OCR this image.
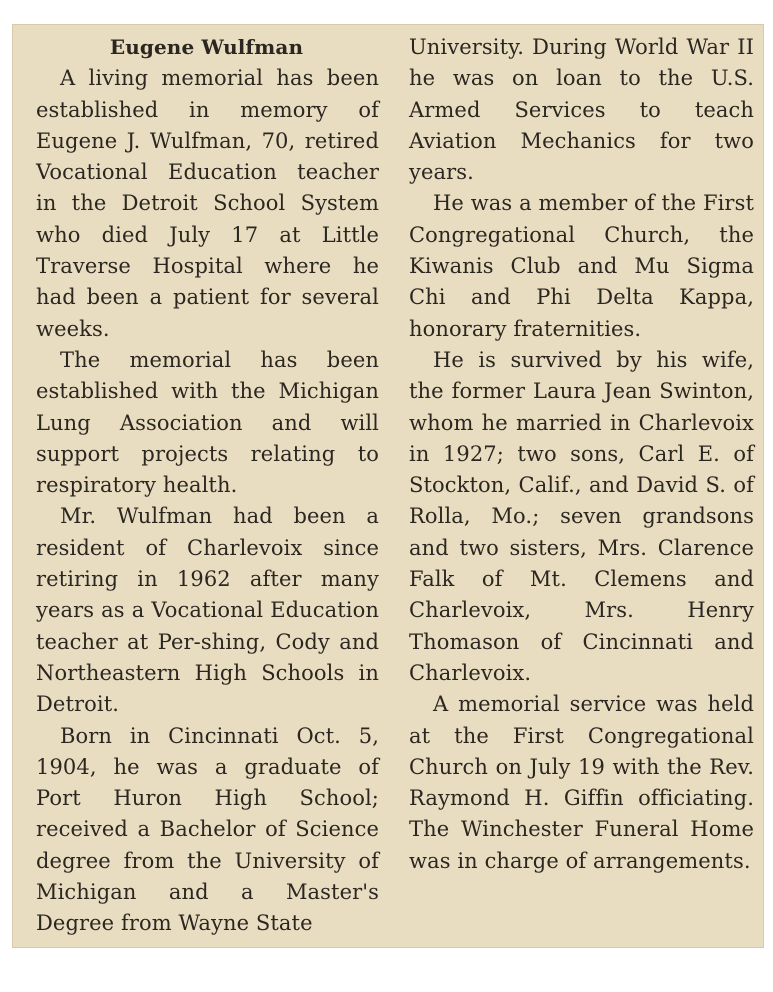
Eugene Wulfman

A living memorial has been established in memory of Eugene J. Wulfman, 70, retired Vocational Education teacher in the Detroit School System who died July 17 at Little Traverse Hospital where he had been a patient for several weeks.

The memorial has been established with the Michigan Lung Association and will support projects relating to respiratory health.

Mr. Wulfman had been a resident of Charlevoix since retiring in 1962 after many years as a Vocational Education teacher at Per-shing, Cody and Northeastern High Schools in Detroit.

Born in Cincinnati Oct. 5, 1904, he was a graduate of Port Huron High School; received a Bachelor of Science degree from the University of Michigan and a Master's Degree from Wayne State

University. During World War II he was on loan to the U.S. Armed Services to teach Aviation Mechanics for two years.

He was a member of the First Congregational Church, the Kiwanis Club and Mu Sigma Chi and Phi Delta Kappa, honorary fraternities.

He is survived by his wife, the former Laura Jean Swinton, whom he married in Charlevoix in 1927; two sons, Carl E. of Stockton, Calif., and David S. of Rolla, Mo.; seven grandsons and two sisters, Mrs. Clarence Falk of Mt. Clemens and Charlevoix, Mrs. Henry Thomason of Cincinnati and Charlevoix.

A memorial service was held at the First Congregational Church on July 19 with the Rev. Raymond H. Giffin officiating. The Winchester Funeral Home was in charge of arrangements.
